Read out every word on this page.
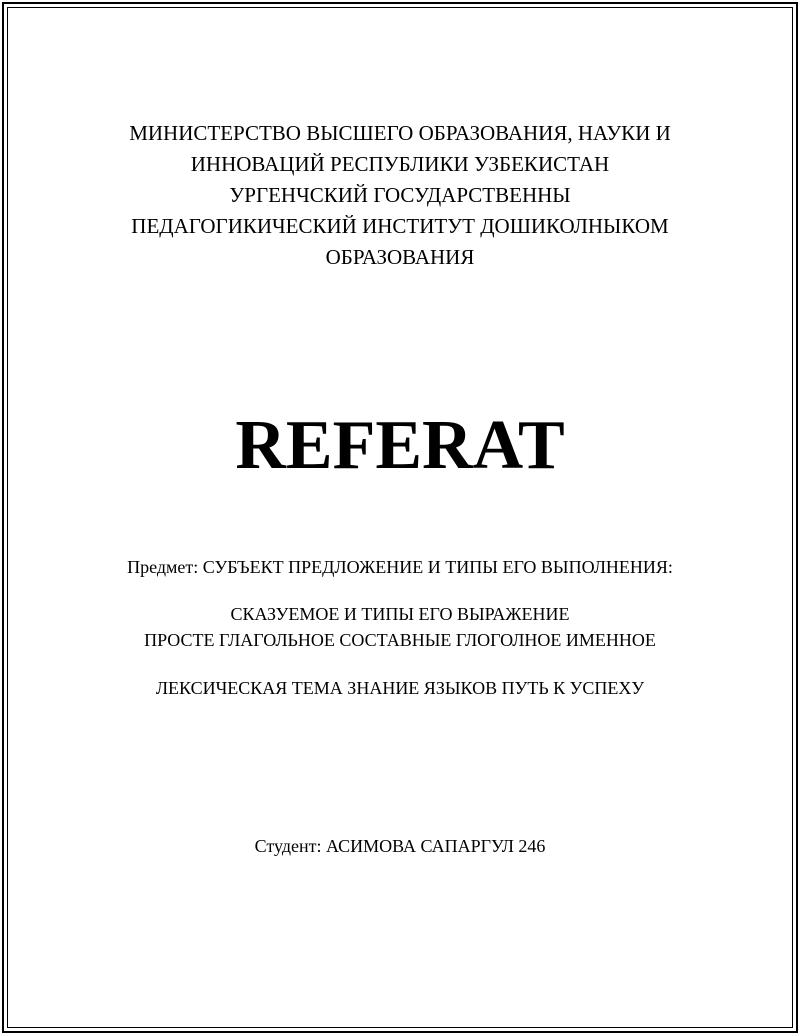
МИНИСТЕРСТВО ВЫСШЕГО ОБРАЗОВАНИЯ, НАУКИ И
ИННОВАЦИЙ РЕСПУБЛИКИ УЗБЕКИСТАН
УРГЕНЧСКИЙ ГОСУДАРСТВЕННЫ
ПЕДАГОГИКИЧЕСКИЙ ИНСТИТУТ ДОШИКОЛНЫКОМ
ОБРАЗОВАНИЯ
REFERAT
Предмет: СУБЪЕКТ ПРЕДЛОЖЕНИЕ И ТИПЫ ЕГО ВЫПОЛНЕНИЯ:
СКАЗУЕМОЕ И ТИПЫ ЕГО ВЫРАЖЕНИЕ
ПРОСТЕ ГЛАГОЛЬНОЕ СОСТАВНЫЕ ГЛОГОЛНОЕ ИМЕННОЕ
ЛЕКСИЧЕСКАЯ ТЕМА ЗНАНИЕ ЯЗЫКОВ ПУТЬ К УСПЕХУ
Студент: АСИМОВА САПАРГУЛ 246
